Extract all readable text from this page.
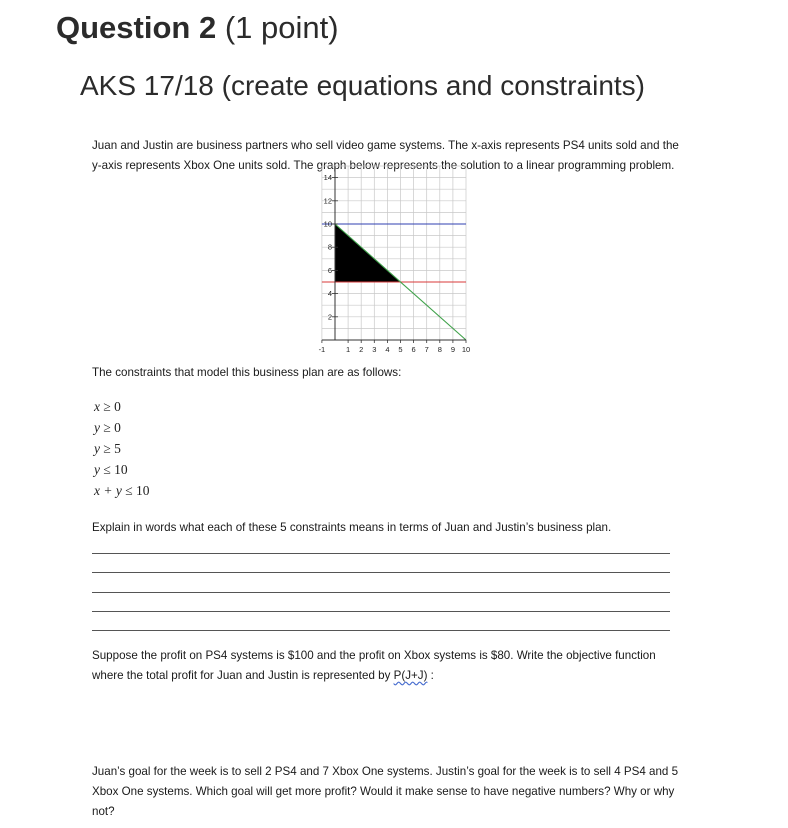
Question 2 (1 point)
AKS 17/18 (create equations and constraints)
Juan and Justin are business partners who sell video game systems. The x-axis represents PS4 units sold and the y-axis represents Xbox One units sold. The graph below represents the solution to a linear programming problem.
-1	1 2 3 4 5 6 7 8 9 10
2
4
6
8
10
12
14
The constraints that model this business plan are as follows:
x ≥ 0
y ≥ 0
y ≥ 5
y ≤ 10
x + y ≤ 10
Explain in words what each of these 5 constraints means in terms of Juan and Justin’s business plan.
Suppose the profit on PS4 systems is $100 and the profit on Xbox systems is $80. Write the objective function where the total profit for Juan and Justin is represented by P(J+J) :
Juan’s goal for the week is to sell 2 PS4 and 7 Xbox One systems. Justin’s goal for the week is to sell 4 PS4 and 5 Xbox One systems. Which goal will get more profit? Would it make sense to have negative numbers? Why or why not?
